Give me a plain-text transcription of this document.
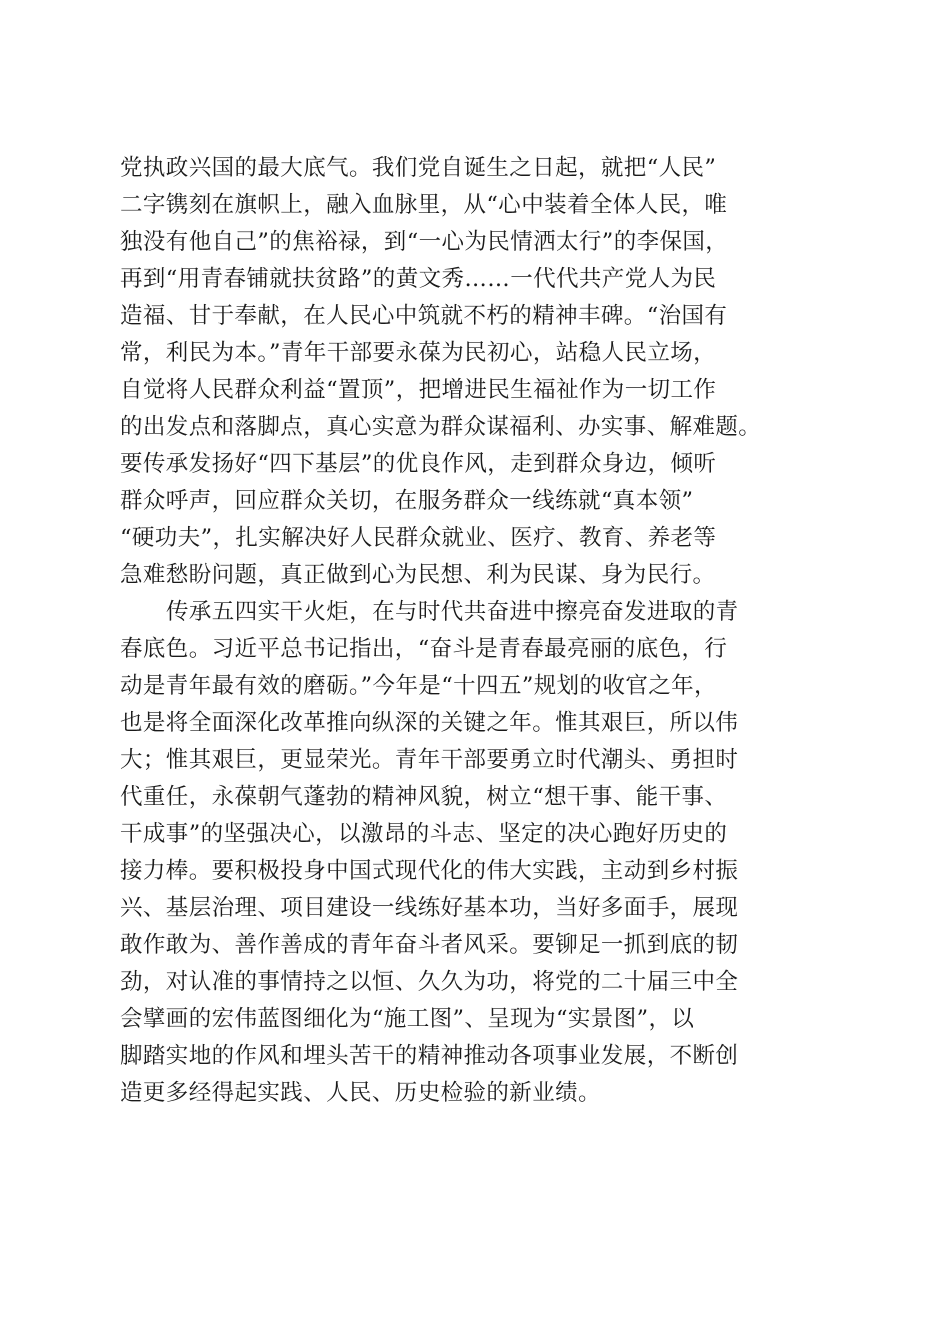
党执政兴国的最大底气。我们党自诞生之日起，就把“人民”
二字镌刻在旗帜上，融入血脉里，从“心中装着全体人民，唯
独没有他自己”的焦裕禄，到“一心为民情洒太行”的李保国，
再到“用青春铺就扶贫路”的黄文秀……一代代共产党人为民
造福、甘于奉献，在人民心中筑就不朽的精神丰碑。“治国有
常，利民为本。”青年干部要永葆为民初心，站稳人民立场，
自觉将人民群众利益“置顶”，把增进民生福祉作为一切工作
的出发点和落脚点，真心实意为群众谋福利、办实事、解难题。
要传承发扬好“四下基层”的优良作风，走到群众身边，倾听
群众呼声，回应群众关切，在服务群众一线练就“真本领”
“硬功夫”，扎实解决好人民群众就业、医疗、教育、养老等
急难愁盼问题，真正做到心为民想、利为民谋、身为民行。
传承五四实干火炬，在与时代共奋进中擦亮奋发进取的青
春底色。习近平总书记指出，“奋斗是青春最亮丽的底色，行
动是青年最有效的磨砺。”今年是“十四五”规划的收官之年，
也是将全面深化改革推向纵深的关键之年。惟其艰巨，所以伟
大；惟其艰巨，更显荣光。青年干部要勇立时代潮头、勇担时
代重任，永葆朝气蓬勃的精神风貌，树立“想干事、能干事、
干成事”的坚强决心，以激昂的斗志、坚定的决心跑好历史的
接力棒。要积极投身中国式现代化的伟大实践，主动到乡村振
兴、基层治理、项目建设一线练好基本功，当好多面手，展现
敢作敢为、善作善成的青年奋斗者风采。要铆足一抓到底的韧
劲，对认准的事情持之以恒、久久为功，将党的二十届三中全
会擘画的宏伟蓝图细化为“施工图”、呈现为“实景图”，以
脚踏实地的作风和埋头苦干的精神推动各项事业发展，不断创
造更多经得起实践、人民、历史检验的新业绩。
